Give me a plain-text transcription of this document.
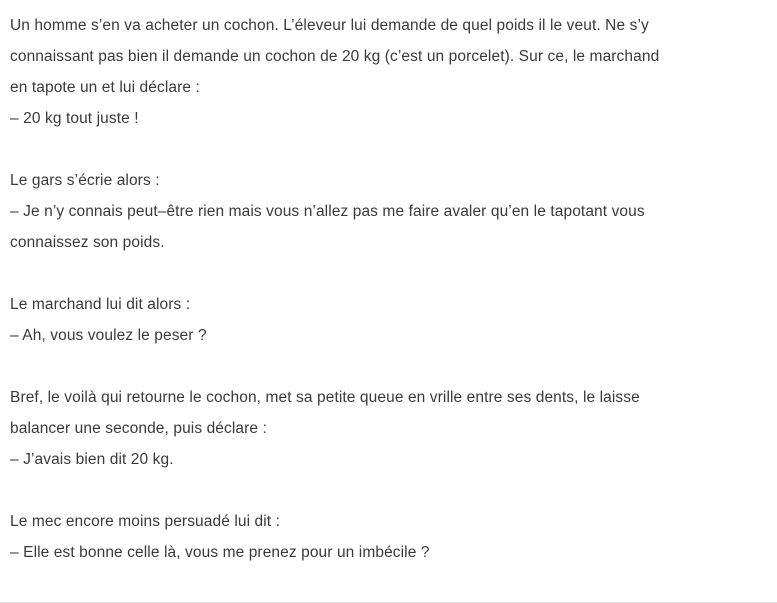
Un homme s’en va acheter un cochon. L’éleveur lui demande de quel poids il le veut. Ne s’y
connaissant pas bien il demande un cochon de 20 kg (c’est un porcelet). Sur ce, le marchand
en tapote un et lui déclare :
– 20 kg tout juste !
Le gars s’écrie alors :
– Je n’y connais peut–être rien mais vous n’allez pas me faire avaler qu’en le tapotant vous
connaissez son poids.
Le marchand lui dit alors :
– Ah, vous voulez le peser ?
Bref, le voilà qui retourne le cochon, met sa petite queue en vrille entre ses dents, le laisse
balancer une seconde, puis déclare :
– J’avais bien dit 20 kg.
Le mec encore moins persuadé lui dit :
– Elle est bonne celle là, vous me prenez pour un imbécile ?
